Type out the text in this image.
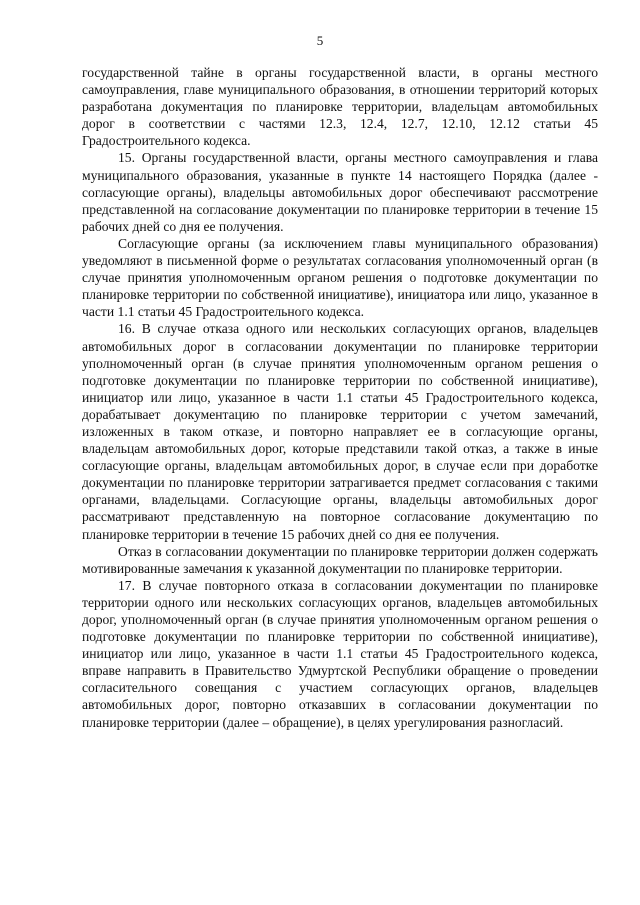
5

государственной тайне в органы государственной власти, в органы местного самоуправления, главе муниципального образования, в отношении территорий которых разработана документация по планировке территории, владельцам автомобильных дорог в соответствии с частями 12.3, 12.4, 12.7, 12.10, 12.12 статьи 45 Градостроительного кодекса.

15. Органы государственной власти, органы местного самоуправления и глава муниципального образования, указанные в пункте 14 настоящего Порядка (далее - согласующие органы), владельцы автомобильных дорог обеспечивают рассмотрение представленной на согласование документации по планировке территории в течение 15 рабочих дней со дня ее получения.

Согласующие органы (за исключением главы муниципального образования) уведомляют в письменной форме о результатах согласования уполномоченный орган (в случае принятия уполномоченным органом решения о подготовке документации по планировке территории по собственной инициативе), инициатора или лицо, указанное в части 1.1 статьи 45 Градостроительного кодекса.

16. В случае отказа одного или нескольких согласующих органов, владельцев автомобильных дорог в согласовании документации по планировке территории уполномоченный орган (в случае принятия уполномоченным органом решения о подготовке документации по планировке территории по собственной инициативе), инициатор или лицо, указанное в части 1.1 статьи 45 Градостроительного кодекса, дорабатывает документацию по планировке территории с учетом замечаний, изложенных в таком отказе, и повторно направляет ее в согласующие органы, владельцам автомобильных дорог, которые представили такой отказ, а также в иные согласующие органы, владельцам автомобильных дорог, в случае если при доработке документации по планировке территории затрагивается предмет согласования с такими органами, владельцами. Согласующие органы, владельцы автомобильных дорог рассматривают представленную на повторное согласование документацию по планировке территории в течение 15 рабочих дней со дня ее получения.

Отказ в согласовании документации по планировке территории должен содержать мотивированные замечания к указанной документации по планировке территории.

17. В случае повторного отказа в согласовании документации по планировке территории одного или нескольких согласующих органов, владельцев автомобильных дорог, уполномоченный орган (в случае принятия уполномоченным органом решения о подготовке документации по планировке территории по собственной инициативе), инициатор или лицо, указанное в части 1.1 статьи 45 Градостроительного кодекса, вправе направить в Правительство Удмуртской Республики обращение о проведении согласительного совещания с участием согласующих органов, владельцев автомобильных дорог, повторно отказавших в согласовании документации по планировке территории (далее – обращение), в целях урегулирования разногласий.
